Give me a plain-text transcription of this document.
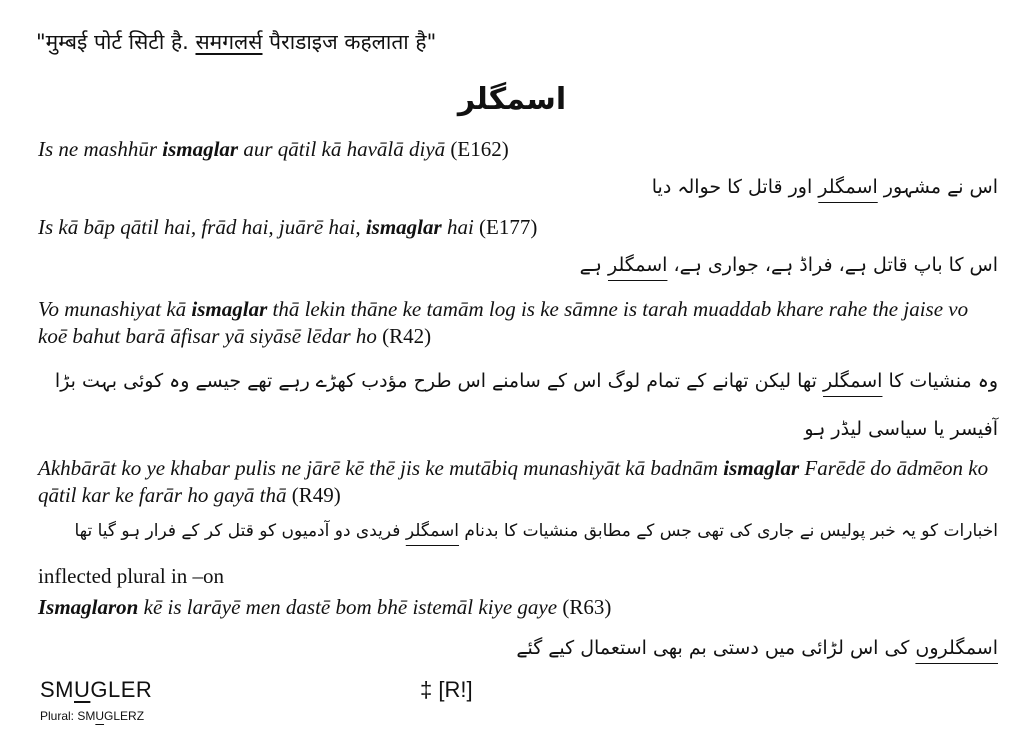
"मुम्बई पोर्ट सिटी है. समगलर्स पैराडाइज कहलाता है"
اسمگلر
Is ne mashhūr ismaglar aur qātil kā havālā diyā (E162)
اس نے مشہور اسمگلر اور قاتل کا حوالہ دیا
Is kā bāp qātil hai, frād hai, juārē hai, ismaglar hai (E177)
اس کا باپ قاتل ہے، فراڈ ہے، جواری ہے، اسمگلر ہے
Vo munashiyat kā ismaglar thā lekin thāne ke tamām log is ke sāmne is tarah muaddab khare rahe the jaise vo koē bahut barā āfisar yā siyāsē lēdar ho (R42)
وہ منشیات کا اسمگلر تھا لیکن تھانے کے تمام لوگ اس کے سامنے اس طرح مؤدب کھڑے رہے تھے جیسے وہ کوئی بہت بڑا آفیسر یا سیاسی لیڈر ہو
Akhbārāt ko ye khabar pulis ne jārē kē thē jis ke mutābiq munashiyāt kā badnām ismaglar Farēdē do ādmēon ko qātil kar ke farār ho gayā thā (R49)
اخبارات کو یہ خبر پولیس نے جاری کی تھی جس کے مطابق منشیات کا بدنام اسمگلر فریدی دو آدمیوں کو قتل کر کے فرار ہو گیا تھا
inflected plural in –on
Ismaglaron kē is larāyē men dastē bom bhē istemāl kiye gaye (R63)
اسمگلروں کی اس لڑائی میں دستی بم بھی استعمال کیے گئے
SMUGLER
Plural: SMUGLERZ
‡ [R!]
